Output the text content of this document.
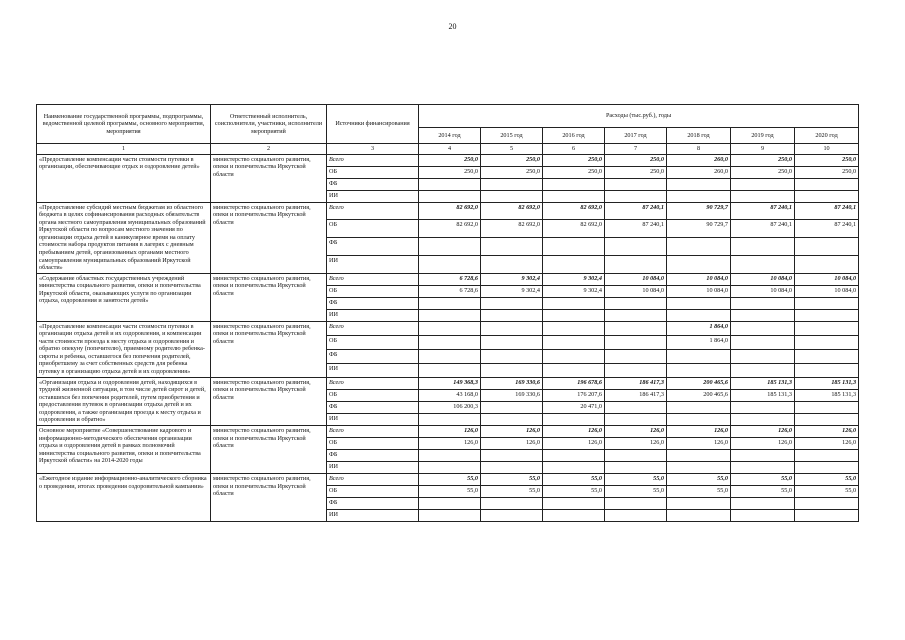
20
Наименование государственной программы, подпрограммы, ведомственной целевой программы, основного мероприятия, мероприятия	Ответственный исполнитель, соисполнители, участники, исполнители мероприятий	Источники финансирования	Расходы (тыс.руб.), годы						
			2014 год	2015 год	2016 год	2017 год	2018 год	2019 год	2020 год
1	2	3	4	5	6	7	8	9	10
«Предоставление компенсации части стоимости путевки в организации, обеспечивающие отдых и оздоровление детей»	министерство социального развития, опеки и попечительства Иркутской области	Всего	250,0	250,0	250,0	250,0	260,0	250,0	250,0
		ОБ	250,0	250,0	250,0	250,0	260,0	250,0	250,0
		ФБ							
		ИИ							
«Предоставление субсидий местным бюджетам из областного бюджета в целях софинансирования расходных обязательств органа местного самоуправления муниципальных образований Иркутской области по вопросам местного значения по организации отдыха детей в каникулярное время на оплату стоимости набора продуктов питания в лагерях с дневным пребыванием детей, организованных органами местного самоуправления муниципальных образований Иркутской области»	министерство социального развития, опеки и попечительства Иркутской области	Всего	82 692,0	82 692,0	82 692,0	87 240,1	90 729,7	87 240,1	87 240,1
		ОБ	82 692,0	82 692,0	82 692,0	87 240,1	90 729,7	87 240,1	87 240,1
		ФБ							
		ИИ							
«Содержание областных государственных учреждений министерства социального развития, опеки и попечительства Иркутской области, оказывающих услуги по организации отдыха, оздоровления и занятости детей»	министерство социального развития, опеки и попечительства Иркутской области	Всего	6 728,6	9 302,4	9 302,4	10 084,0	10 084,0	10 084,0	10 084,0
		ОБ	6 728,6	9 302,4	9 302,4	10 084,0	10 084,0	10 084,0	10 084,0
		ФБ							
		ИИ							
«Предоставление компенсации части стоимости путевки в организации отдыха детей и их оздоровления, и компенсации части стоимости проезда к месту отдыха и оздоровления и обратно опекуну (попечителю), приемному родителю ребенка-сироты и ребенка, оставшегося без попечения родителей, приобретшему за счет собственных средств для ребенка путевку в организацию отдыха детей и их оздоровления»	министерство социального развития, опеки и попечительства Иркутской области	Всего					1 864,0		
		ОБ					1 864,0		
		ФБ							
		ИИ							
«Организация отдыха и оздоровления детей, находящихся в трудной жизненной ситуации, в том числе детей сирот и детей, оставшихся без попечения родителей, путем приобретения и предоставления путевок в организации отдыха детей и их оздоровления, а также организация проезда к месту отдыха и оздоровления и обратно»	министерство социального развития, опеки и попечительства Иркутской области	Всего	149 368,3	169 330,6	196 678,6	186 417,3	200 465,6	185 131,3	185 131,3
		ОБ	43 168,0	169 330,6	176 207,6	186 417,3	200 465,6	185 131,3	185 131,3
		ФБ	106 200,3		20 471,0				
		ИИ							
Основное мероприятие «Совершенствование кадрового и информационно-методического обеспечения организации отдыха и оздоровления детей в рамках полномочий министерства социального развития, опеки и попечительства Иркутской области» на 2014-2020 годы	министерство социального развития, опеки и попечительства Иркутской области	Всего	126,0	126,0	126,0	126,0	126,0	126,0	126,0
		ОБ	126,0	126,0	126,0	126,0	126,0	126,0	126,0
		ФБ							
		ИИ							
«Ежегодное издание информационно-аналитического сборника о проведении, итогах проведения оздоровительной кампании»	министерство социального развития, опеки и попечительства Иркутской области	Всего	55,0	55,0	55,0	55,0	55,0	55,0	55,0
		ОБ	55,0	55,0	55,0	55,0	55,0	55,0	55,0
		ФБ							
		ИИ							
